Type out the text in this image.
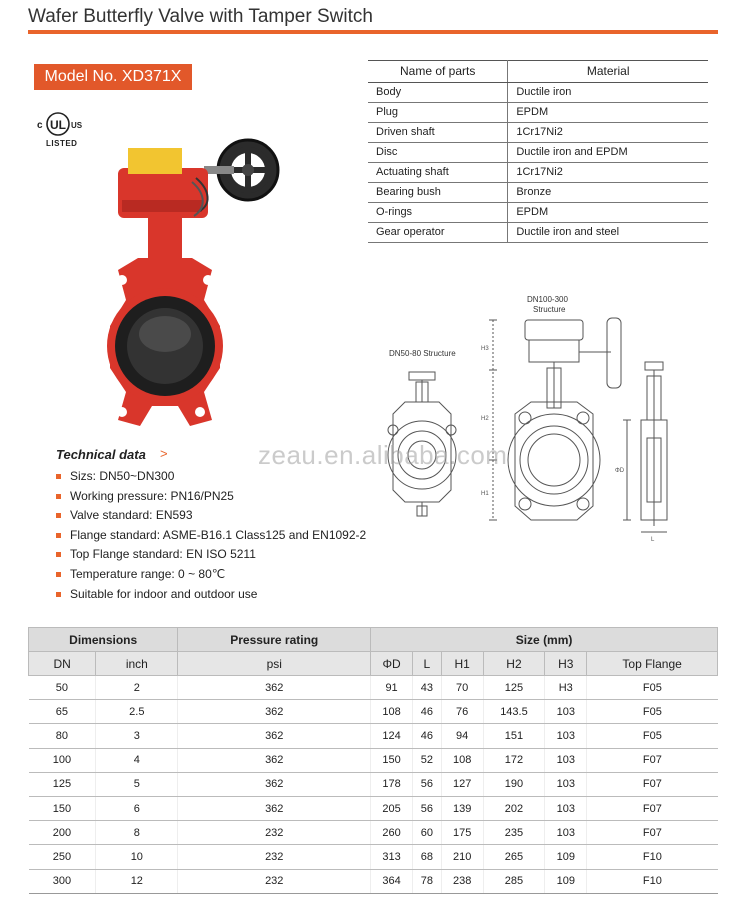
Wafer Butterfly Valve with Tamper Switch
Model No. XD371X
c UL US
LISTED
Name of parts	Material
Body	Ductile iron
Plug	EPDM
Driven shaft	1Cr17Ni2
Disc	Ductile iron and EPDM
Actuating shaft	1Cr17Ni2
Bearing bush	Bronze
O-rings	EPDM
Gear operator	Ductile iron and steel
DN50-80 Structure
DN100-300
Structure
H3
H2
H1
ΦD
L
zeau.en.alibaba.com
Technical data >
Sizs: DN50~DN300
Working pressure: PN16/PN25
Valve standard: EN593
Flange standard: ASME-B16.1 Class125 and EN1092-2
Top Flange standard: EN ISO 5211
Temperature range: 0 ~ 80℃
Suitable for indoor and outdoor use
Dimensions		Pressure rating	Size (mm)					
DN	inch	psi	ΦD	L	H1	H2	H3	Top Flange
50	2	362	91	43	70	125	H3	F05
65	2.5	362	108	46	76	143.5	103	F05
80	3	362	124	46	94	151	103	F05
100	4	362	150	52	108	172	103	F07
125	5	362	178	56	127	190	103	F07
150	6	362	205	56	139	202	103	F07
200	8	232	260	60	175	235	103	F07
250	10	232	313	68	210	265	109	F10
300	12	232	364	78	238	285	109	F10
